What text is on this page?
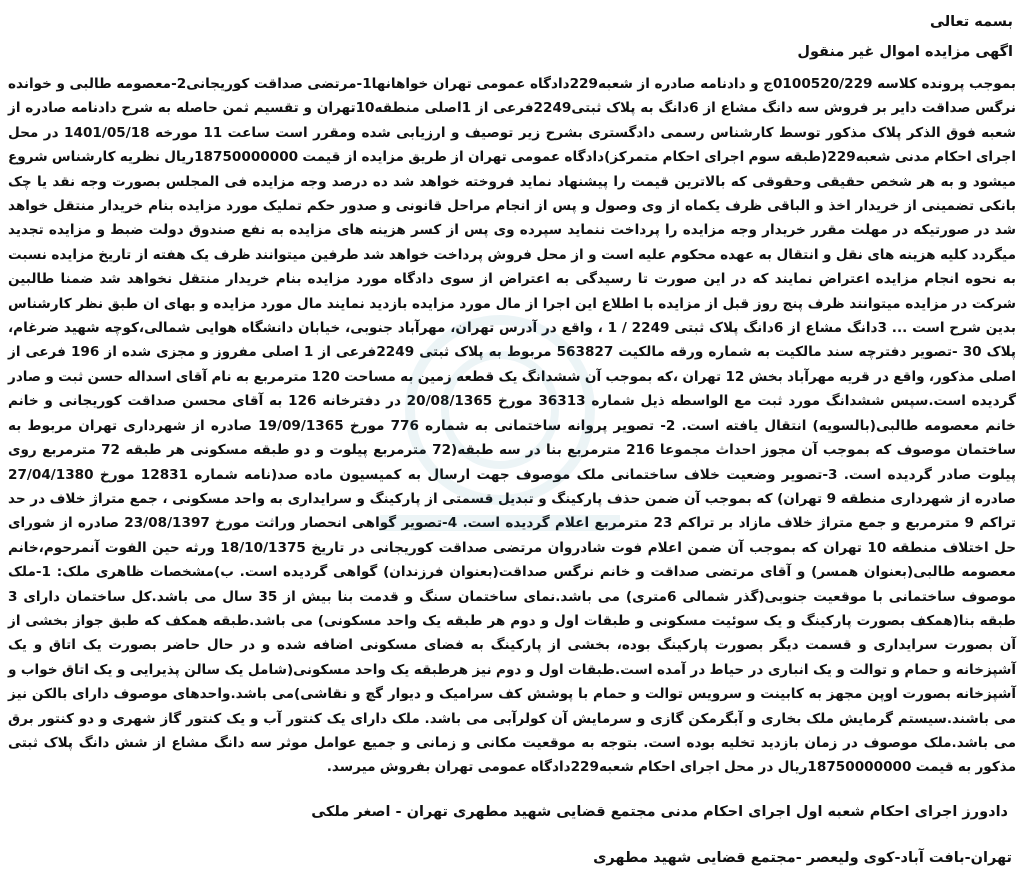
بسمه تعالی

اگهی مزایده اموال غیر منقول

بموجب پرونده کلاسه 0100520/229ج و دادنامه صادره از شعبه229دادگاه عمومی تهران خواهانها1-مرتضی صداقت کوریجانی2-معصومه طالبی و خوانده نرگس صداقت دایر بر فروش سه دانگ مشاع از 6دانگ به پلاک ثبتی2249فرعی از 1اصلی منطقه10تهران و تقسیم ثمن حاصله به شرح دادنامه صادره از شعبه فوق الذکر پلاک مذکور توسط کارشناس رسمی دادگستری بشرح زیر توصیف و ارزیابی شده ومقرر است ساعت 11 مورخه 1401/05/18 در محل اجرای احکام مدنی شعبه229(طبقه سوم اجرای احکام متمرکز)دادگاه عمومی تهران از طریق مزایده از قیمت 18750000000ریال نظریه کارشناس شروع میشود و به هر شخص حقیقی وحقوقی که بالاترین قیمت را پیشنهاد نماید فروخته خواهد شد ده درصد وجه مزایده فی المجلس بصورت وجه نقد یا چک بانکی تضمینی از خریدار اخذ و الباقی ظرف یکماه از وی وصول و پس از انجام مراحل قانونی و صدور حکم تملیک مورد مزایده بنام خریدار منتقل خواهد شد در صورتیکه در مهلت مقرر خریدار وجه مزایده را پرداخت ننماید سپرده وی پس از کسر هزینه های مزایده به نفع صندوق دولت ضبط و مزایده تجدید میگردد کلیه هزینه های نقل و انتقال به عهده محکوم علیه است و از محل فروش پرداخت خواهد شد طرفین میتوانند ظرف یک هفته از تاریخ مزایده نسبت به نحوه انجام مزایده اعتراض نمایند که در این صورت تا رسیدگی به اعتراض از سوی دادگاه مورد مزایده بنام خریدار منتقل نخواهد شد ضمنا طالبین شرکت در مزایده میتوانند ظرف پنج روز قبل از مزایده با اطلاع این اجرا از مال مورد مزایده بازدید نمایند مال مورد مزایده و بهای ان طبق نظر کارشناس بدین شرح است ... 3دانگ مشاع از 6دانگ پلاک ثبتی 2249 / 1 ، واقع در آدرس تهران، مهرآباد جنوبی، خیابان دانشگاه هوایی شمالی،کوچه شهید ضرغام، پلاک 30 -تصویر دفترچه سند مالکیت به شماره ورقه مالکیت 563827 مربوط به پلاک ثبتی 2249فرعی از 1 اصلی مفروز و مجزی شده از 196 فرعی از اصلی مذکور، واقع در قریه مهرآباد بخش 12 تهران ،که بموجب آن ششدانگ یک قطعه زمین به مساحت 120 مترمربع به نام آقای اسداله حسن ثبت و صادر گردیده است.سپس ششدانگ مورد ثبت مع الواسطه ذیل شماره 36313 مورخ 20/08/1365 در دفترخانه 126 به آقای محسن صداقت کوریجانی و خانم خانم معصومه طالبی(بالسویه) انتقال یافته است. 2- تصویر پروانه ساختمانی به شماره 776 مورخ 19/09/1365 صادره از شهرداری تهران مربوط به ساختمان موصوف که بموجب آن مجوز احداث مجموعا 216 مترمربع بنا در سه طبقه(72 مترمربع پیلوت و دو طبقه مسکونی هر طبقه 72 مترمربع روی پیلوت صادر گردیده است. 3-تصویر وضعیت خلاف ساختمانی ملک موصوف جهت ارسال به کمیسیون ماده صد(نامه شماره 12831 مورخ 27/04/1380 صادره از شهرداری منطقه 9 تهران) که بموجب آن ضمن حذف پارکینگ و تبدیل قسمتی از پارکینگ و سرایداری به واحد مسکونی ، جمع متراژ خلاف در حد تراکم 9 مترمربع و جمع متراژ خلاف مازاد بر تراکم 23 مترمربع اعلام گردیده است. 4-تصویر گواهی انحصار وراثت مورخ 23/08/1397 صادره از شورای حل اختلاف منطقه 10 تهران که بموجب آن ضمن اعلام فوت شادروان مرتضی صداقت کوریجانی در تاریخ 18/10/1375 ورثه حین الفوت آنمرحوم،خانم معصومه طالبی(بعنوان همسر) و آقای مرتضی صداقت و خانم نرگس صداقت(بعنوان فرزندان) گواهی گردیده است. ب)مشخصات ظاهری ملک: 1-ملک موصوف ساختمانی با موقعیت جنوبی(گذر شمالی 6متری) می باشد.نمای ساختمان سنگ و قدمت بنا بیش از 35 سال می باشد.کل ساختمان دارای 3 طبقه بنا(همکف بصورت پارکینگ و یک سوئیت مسکونی و طبقات اول و دوم هر طبقه یک واحد مسکونی) می باشد.طبقه همکف که طبق جواز بخشی از آن بصورت سرایداری و قسمت دیگر بصورت پارکینگ بوده، بخشی از پارکینگ به فضای مسکونی اضافه شده و در حال حاضر بصورت یک اتاق و یک آشپزخانه و حمام و توالت و یک انباری در حیاط در آمده است.طبقات اول و دوم نیز هرطبقه یک واحد مسکونی(شامل یک سالن پذیرایی و یک اتاق خواب و آشپزخانه بصورت اوپن مجهز به کابینت و سرویس توالت و حمام با پوشش کف سرامیک و دیوار گچ و نقاشی)می باشد.واحدهای موصوف دارای بالکن نیز می باشند.سیستم گرمایش ملک بخاری و آبگرمکن گازی و سرمایش آن کولرآبی می باشد. ملک دارای یک کنتور آب و یک کنتور گاز شهری و دو کنتور برق می باشد.ملک موصوف در زمان بازدید تخلیه بوده است. بتوجه به موقعیت مکانی و زمانی و جمیع عوامل موثر سه دانگ مشاع از شش دانگ پلاک ثبتی مذکور به قیمت 18750000000ریال در محل اجرای احکام شعبه229دادگاه عمومی تهران بفروش میرسد.

دادورز اجرای احکام شعبه اول اجرای احکام مدنی مجتمع قضایی شهید مطهری تهران - اصغر ملکی

تهران-بافت آباد-کوی ولیعصر -مجتمع قضایی شهید مطهری
